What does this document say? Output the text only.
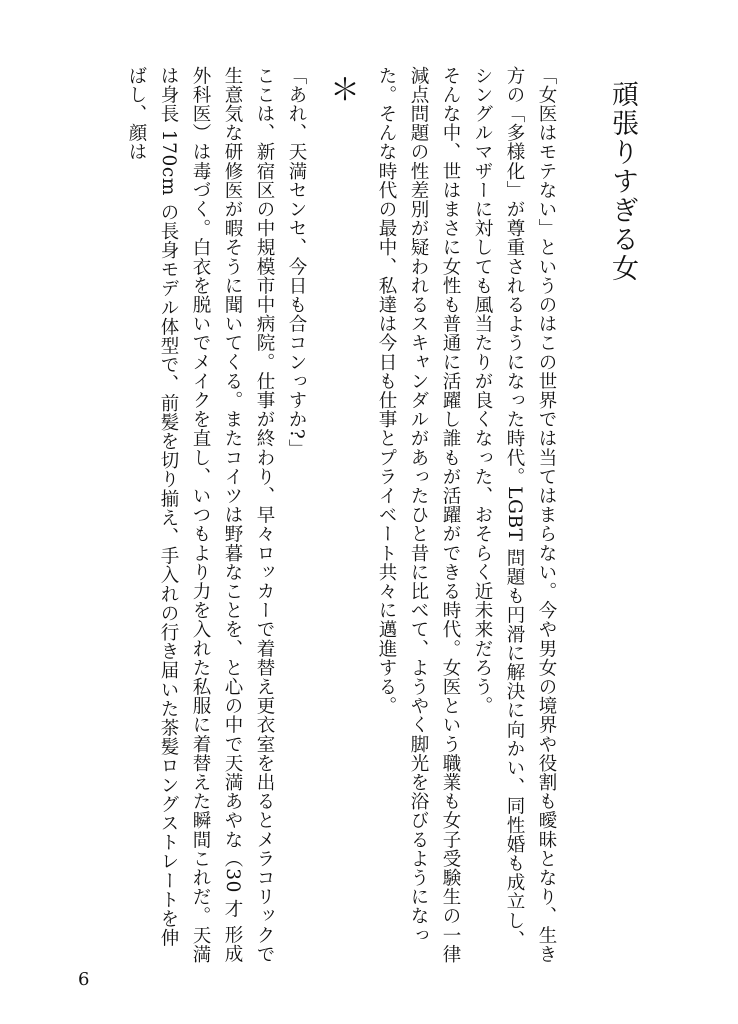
頑張りすぎる女

「女医はモテない」というのはこの世界では当てはまらない。今や男女の境界や役割も曖昧となり、生き方の「多様化」が尊重されるようになった時代。LGBT 問題も円滑に解決に向かい、同性婚も成立し、シングルマザーに対しても風当たりが良くなった、おそらく近未来だろう。

そんな中、世はまさに女性も普通に活躍し誰もが活躍ができる時代。女医という職業も女子受験生の一律減点問題の性差別が疑われるスキャンダルがあったひと昔に比べて、ようやく脚光を浴びるようになった。そんな時代の最中、私達は今日も仕事とプライベート共々に邁進する。

＊

「あれ、天満センセ、今日も合コンっすか?」

ここは、新宿区の中規模市中病院。仕事が終わり、早々ロッカーで着替え更衣室を出るとメラコリックで生意気な研修医が暇そうに聞いてくる。またコイツは野暮なことを、と心の中で天満あやな（30 才 形成外科医）は毒づく。白衣を脱いでメイクを直し、いつもより力を入れた私服に着替えた瞬間これだ。天満は身長 170cm の長身モデル体型で、前髪を切り揃え、手入れの行き届いた茶髪ロングストレートを伸ばし、顔は

6
